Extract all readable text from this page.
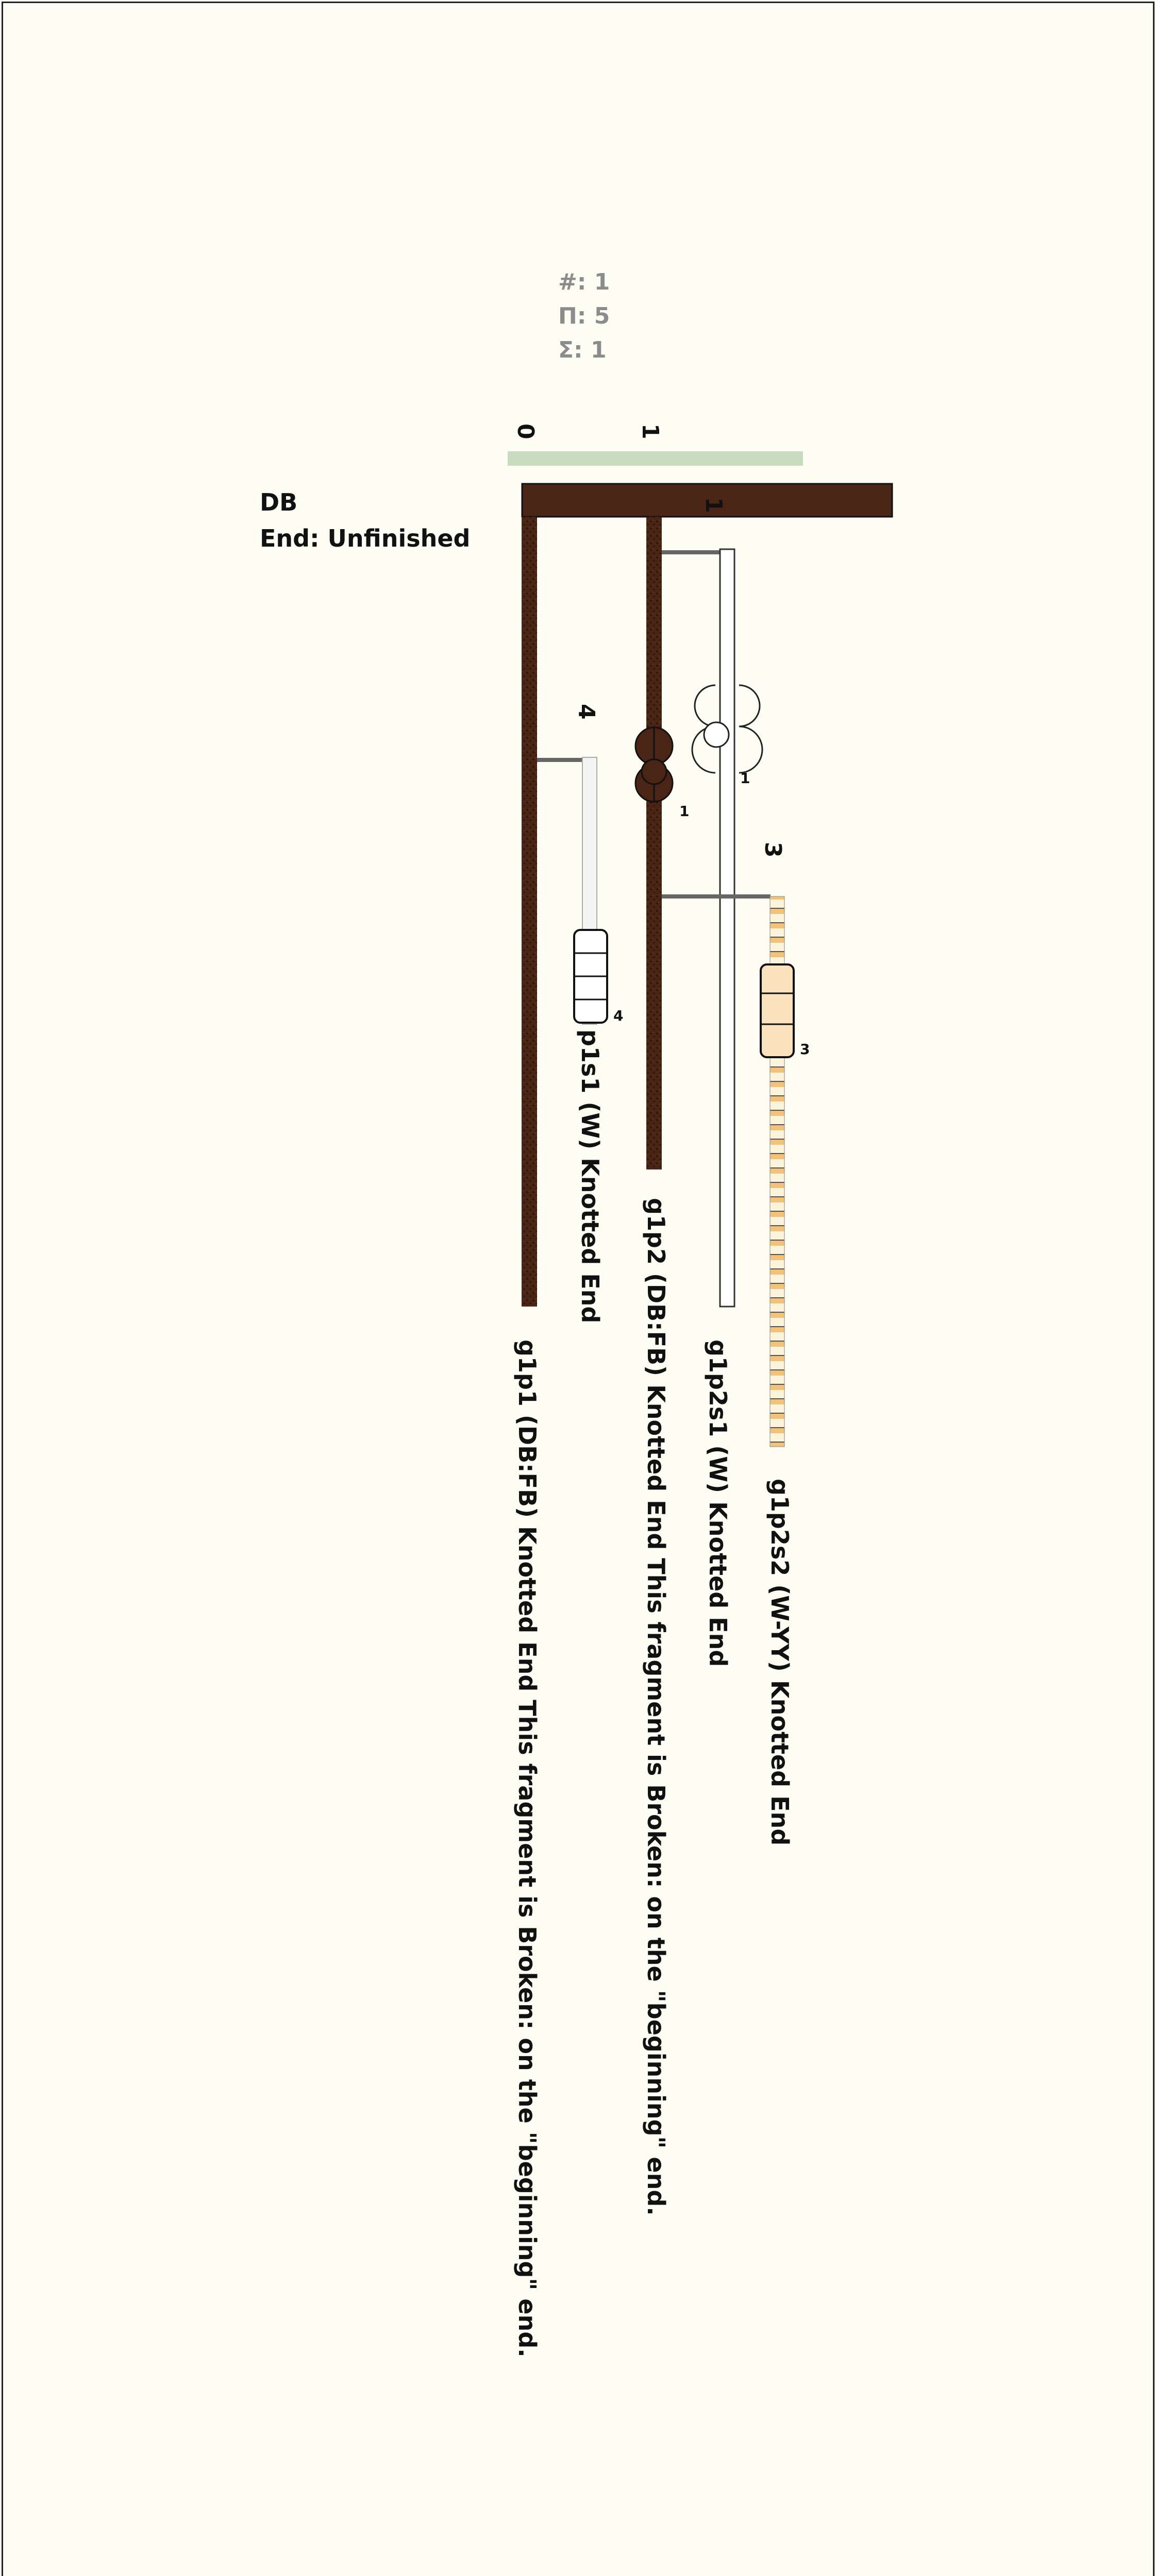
#: 1
Π: 5
Σ: 1
DB
End: Unfinished
0	1
1
4
3
1
1
4
3
p1s1 (W) Knotted End
g1p2 (DB:FB) Knotted End This fragment is Broken: on the "beginning" end.
g1p1 (DB:FB) Knotted End This fragment is Broken: on the "beginning" end.	g1p2s1 (W) Knotted End g1p2s2 (W-YY) Knotted End
